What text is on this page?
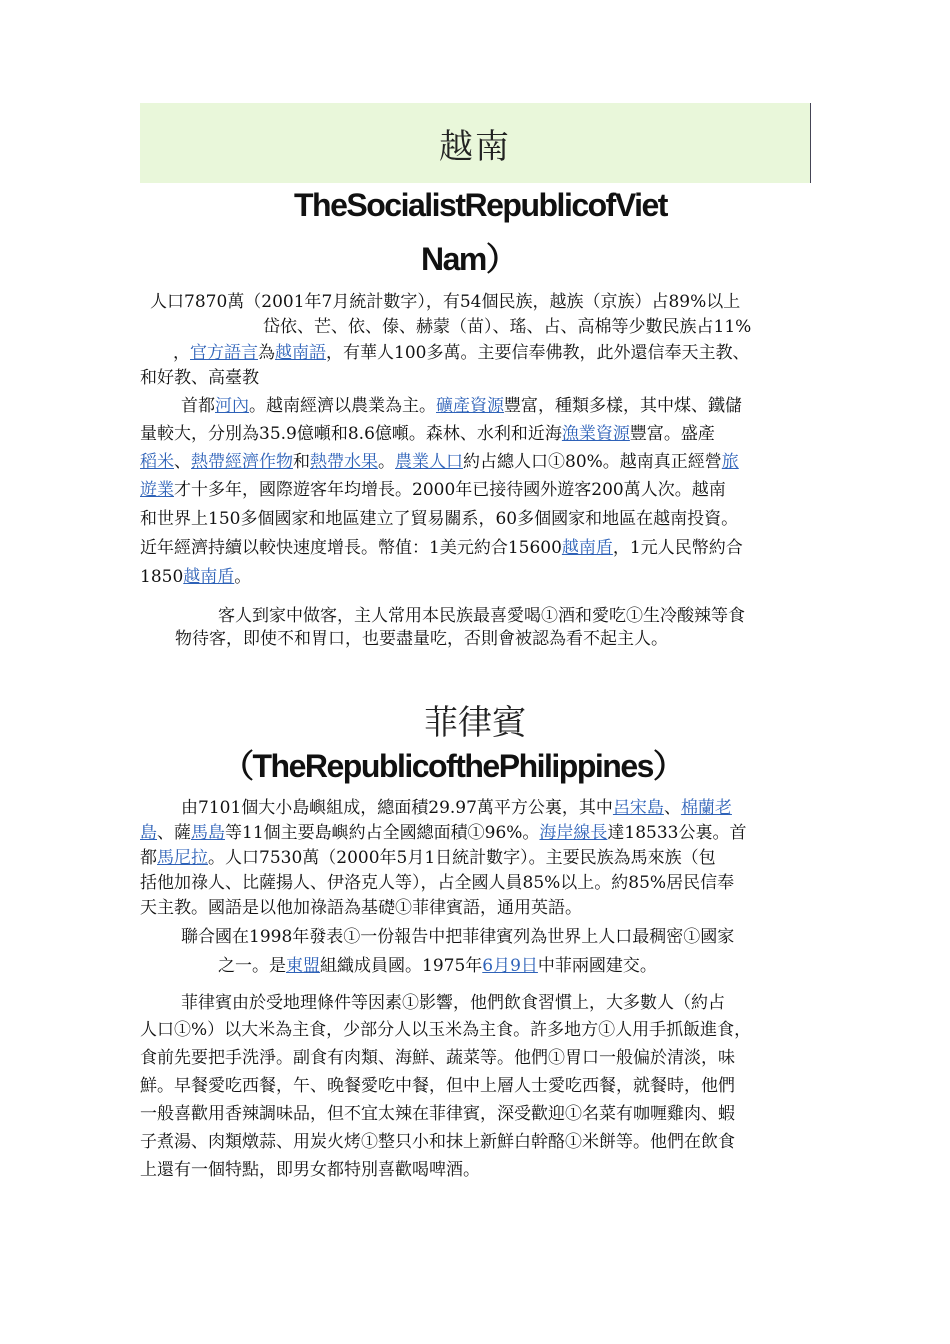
越南
TheSocialistRepublicofViet
Nam）
人口7870萬（2001年7月統計數字），有54個民族，越族（京族）占89%以上
岱依、芒、依、傣、赫蒙（苗）、瑤、占、高棉等少數民族占11%
，官方語言為越南語，有華人100多萬。主要信奉佛教，此外還信奉天主教、
和好教、高臺教
首都河內。越南經濟以農業為主。礦產資源豐富，種類多樣，其中煤、鐵儲
量較大，分別為35.9億噸和8.6億噸。森林、水利和近海漁業資源豐富。盛產
稻米、熱帶經濟作物和熱帶水果。農業人口約占總人口①80%。越南真正經營旅
遊業才十多年，國際遊客年均增長。2000年已接待國外遊客200萬人次。越南
和世界上150多個國家和地區建立了貿易關系，60多個國家和地區在越南投資。
近年經濟持續以較快速度增長。幣值：1美元約合15600越南盾，1元人民幣約合
1850越南盾。
客人到家中做客，主人常用本民族最喜愛喝①酒和愛吃①生冷酸辣等食
物待客，即使不和胃口，也要盡量吃，否則會被認為看不起主人。
菲律賓
（TheRepublicofthePhilippines）
由7101個大小島嶼組成，總面積29.97萬平方公裏，其中呂宋島、棉蘭老
島、薩馬島等11個主要島嶼約占全國總面積①96%。海岸線長達18533公裏。首
都馬尼拉。人口7530萬（2000年5月1日統計數字）。主要民族為馬來族（包
括他加祿人、比薩揚人、伊洛克人等），占全國人員85%以上。約85%居民信奉
天主教。國語是以他加祿語為基礎①菲律賓語，通用英語。
聯合國在1998年發表①一份報告中把菲律賓列為世界上人口最稠密①國家
之一。是東盟組織成員國。1975年6月9日中菲兩國建交。
菲律賓由於受地理條件等因素①影響，他們飲食習慣上，大多數人（約占
人口①%）以大米為主食，少部分人以玉米為主食。許多地方①人用手抓飯進食，
食前先要把手洗淨。副食有肉類、海鮮、蔬菜等。他們①胃口一般偏於清淡，味
鮮。早餐愛吃西餐，午、晚餐愛吃中餐，但中上層人士愛吃西餐，就餐時，他們
一般喜歡用香辣調味品，但不宜太辣在菲律賓，深受歡迎①名菜有咖喱雞肉、蝦
子煮湯、肉類燉蒜、用炭火烤①整只小和抹上新鮮白幹酪①米餅等。他們在飲食
上還有一個特點，即男女都特別喜歡喝啤酒。
